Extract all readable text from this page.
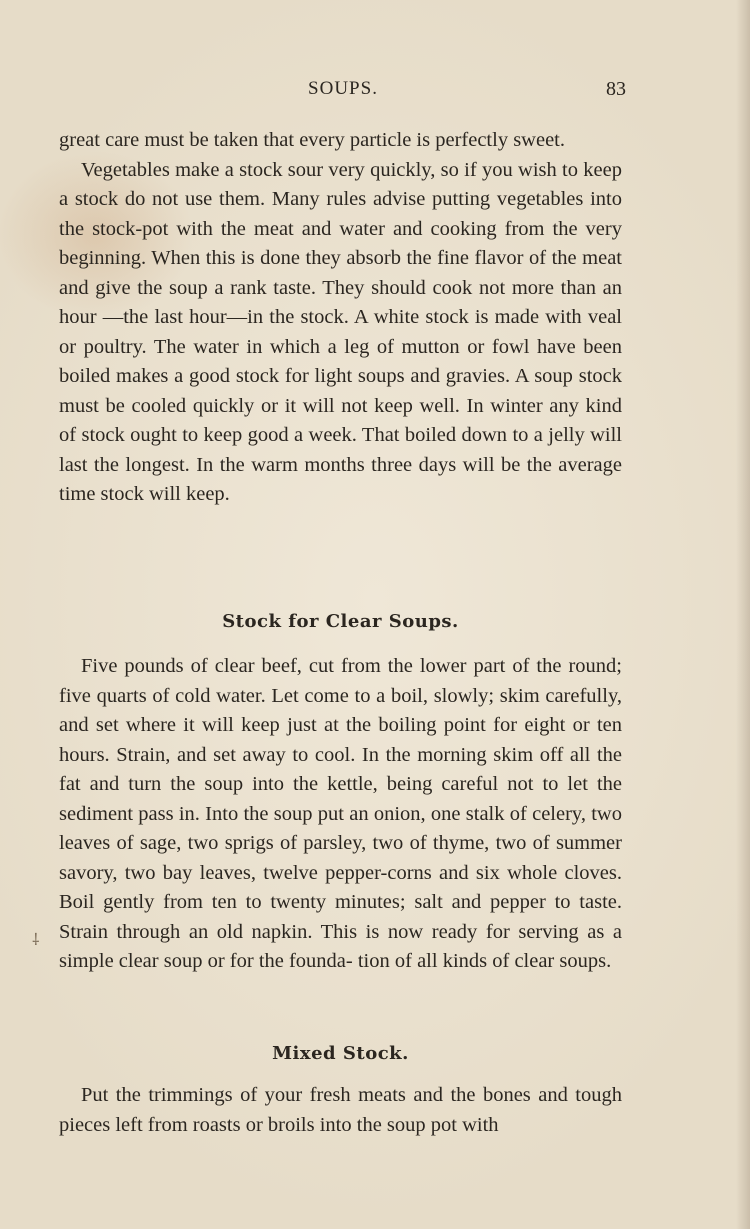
SOUPS.	83

great care must be taken that every particle is perfectly sweet.

Vegetables make a stock sour very quickly, so if you wish to keep a stock do not use them. Many rules advise putting vegetables into the stock-pot with the meat and water and cooking from the very beginning. When this is done they absorb the fine flavor of the meat and give the soup a rank taste. They should cook not more than an hour —the last hour—in the stock. A white stock is made with veal or poultry. The water in which a leg of mutton or fowl have been boiled makes a good stock for light soups and gravies. A soup stock must be cooled quickly or it will not keep well. In winter any kind of stock ought to keep good a week. That boiled down to a jelly will last the longest. In the warm months three days will be the average time stock will keep.

Stock for Clear Soups.

Five pounds of clear beef, cut from the lower part of the round; five quarts of cold water. Let come to a boil, slowly; skim carefully, and set where it will keep just at the boiling point for eight or ten hours. Strain, and set away to cool. In the morning skim off all the fat and turn the soup into the kettle, being careful not to let the sediment pass in. Into the soup put an onion, one stalk of celery, two leaves of sage, two sprigs of parsley, two of thyme, two of summer savory, two bay leaves, twelve pepper-corns and six whole cloves. Boil gently from ten to twenty minutes; salt and pepper to taste. Strain through an old napkin. This is now ready for serving as a simple clear soup or for the founda- tion of all kinds of clear soups.

Mixed Stock.

Put the trimmings of your fresh meats and the bones and tough pieces left from roasts or broils into the soup pot with

⸸
